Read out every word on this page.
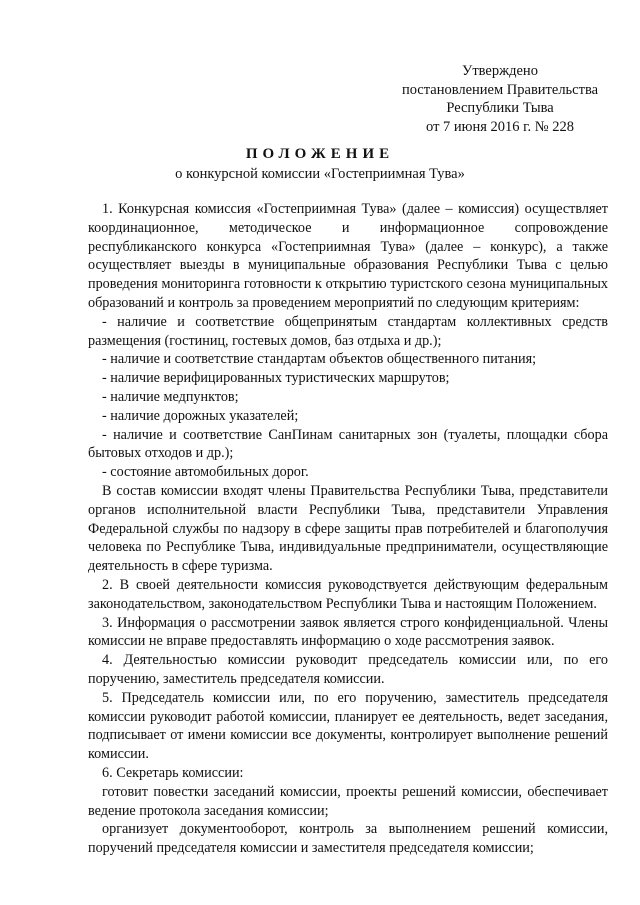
Утверждено
постановлением Правительства
Республики Тыва
от 7 июня 2016 г. № 228
ПОЛОЖЕНИЕ
о конкурсной комиссии «Гостеприимная Тува»

1. Конкурсная комиссия «Гостеприимная Тува» (далее – комиссия) осуществляет координационное, методическое и информационное сопровождение республиканского конкурса «Гостеприимная Тува» (далее – конкурс), а также осуществляет выезды в муниципальные образования Республики Тыва с целью проведения мониторинга готовности к открытию туристского сезона муниципальных образований и контроль за проведением мероприятий по следующим критериям:

- наличие и соответствие общепринятым стандартам коллективных средств размещения (гостиниц, гостевых домов, баз отдыха и др.);

- наличие и соответствие стандартам объектов общественного питания;

- наличие верифицированных туристических маршрутов;

- наличие медпунктов;

- наличие дорожных указателей;

- наличие и соответствие СанПинам санитарных зон (туалеты, площадки сбора бытовых отходов и др.);

- состояние автомобильных дорог.

В состав комиссии входят члены Правительства Республики Тыва, представители органов исполнительной власти Республики Тыва, представители Управления Федеральной службы по надзору в сфере защиты прав потребителей и благополучия человека по Республике Тыва, индивидуальные предприниматели, осуществляющие деятельность в сфере туризма.

2. В своей деятельности комиссия руководствуется действующим федеральным законодательством, законодательством Республики Тыва и настоящим Положением.

3. Информация о рассмотрении заявок является строго конфиденциальной. Члены комиссии не вправе предоставлять информацию о ходе рассмотрения заявок.

4. Деятельностью комиссии руководит председатель комиссии или, по его поручению, заместитель председателя комиссии.

5. Председатель комиссии или, по его поручению, заместитель председателя комиссии руководит работой комиссии, планирует ее деятельность, ведет заседания, подписывает от имени комиссии все документы, контролирует выполнение решений комиссии.

6. Секретарь комиссии:

готовит повестки заседаний комиссии, проекты решений комиссии, обеспечивает ведение протокола заседания комиссии;

организует документооборот, контроль за выполнением решений комиссии, поручений председателя комиссии и заместителя председателя комиссии;
